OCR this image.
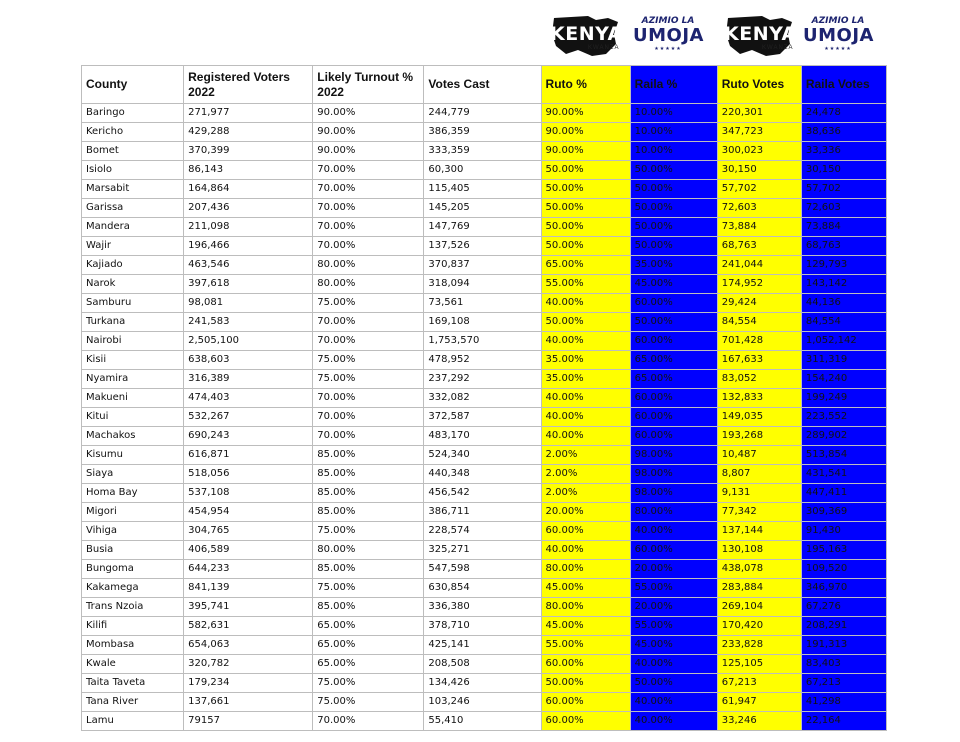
KENYA
KWANZA
AZIMIO LA
UMOJA
★★★★★
KENYA
KWANZA
AZIMIO LA
UMOJA
★★★★★
County	Registered Voters 2022	Likely Turnout % 2022	Votes Cast	Ruto %	Raila %	Ruto Votes	Raila Votes
Baringo	271,977	90.00%	244,779	90.00%	10.00%	220,301	24,478
Kericho	429,288	90.00%	386,359	90.00%	10.00%	347,723	38,636
Bomet	370,399	90.00%	333,359	90.00%	10.00%	300,023	33,336
Isiolo	86,143	70.00%	60,300	50.00%	50.00%	30,150	30,150
Marsabit	164,864	70.00%	115,405	50.00%	50.00%	57,702	57,702
Garissa	207,436	70.00%	145,205	50.00%	50.00%	72,603	72,603
Mandera	211,098	70.00%	147,769	50.00%	50.00%	73,884	73,884
Wajir	196,466	70.00%	137,526	50.00%	50.00%	68,763	68,763
Kajiado	463,546	80.00%	370,837	65.00%	35.00%	241,044	129,793
Narok	397,618	80.00%	318,094	55.00%	45.00%	174,952	143,142
Samburu	98,081	75.00%	73,561	40.00%	60.00%	29,424	44,136
Turkana	241,583	70.00%	169,108	50.00%	50.00%	84,554	84,554
Nairobi	2,505,100	70.00%	1,753,570	40.00%	60.00%	701,428	1,052,142
Kisii	638,603	75.00%	478,952	35.00%	65.00%	167,633	311,319
Nyamira	316,389	75.00%	237,292	35.00%	65.00%	83,052	154,240
Makueni	474,403	70.00%	332,082	40.00%	60.00%	132,833	199,249
Kitui	532,267	70.00%	372,587	40.00%	60.00%	149,035	223,552
Machakos	690,243	70.00%	483,170	40.00%	60.00%	193,268	289,902
Kisumu	616,871	85.00%	524,340	2.00%	98.00%	10,487	513,854
Siaya	518,056	85.00%	440,348	2.00%	98.00%	8,807	431,541
Homa Bay	537,108	85.00%	456,542	2.00%	98.00%	9,131	447,411
Migori	454,954	85.00%	386,711	20.00%	80.00%	77,342	309,369
Vihiga	304,765	75.00%	228,574	60.00%	40.00%	137,144	91,430
Busia	406,589	80.00%	325,271	40.00%	60.00%	130,108	195,163
Bungoma	644,233	85.00%	547,598	80.00%	20.00%	438,078	109,520
Kakamega	841,139	75.00%	630,854	45.00%	55.00%	283,884	346,970
Trans Nzoia	395,741	85.00%	336,380	80.00%	20.00%	269,104	67,276
Kilifi	582,631	65.00%	378,710	45.00%	55.00%	170,420	208,291
Mombasa	654,063	65.00%	425,141	55.00%	45.00%	233,828	191,313
Kwale	320,782	65.00%	208,508	60.00%	40.00%	125,105	83,403
Taita Taveta	179,234	75.00%	134,426	50.00%	50.00%	67,213	67,213
Tana River	137,661	75.00%	103,246	60.00%	40.00%	61,947	41,298
Lamu	79157	70.00%	55,410	60.00%	40.00%	33,246	22,164
